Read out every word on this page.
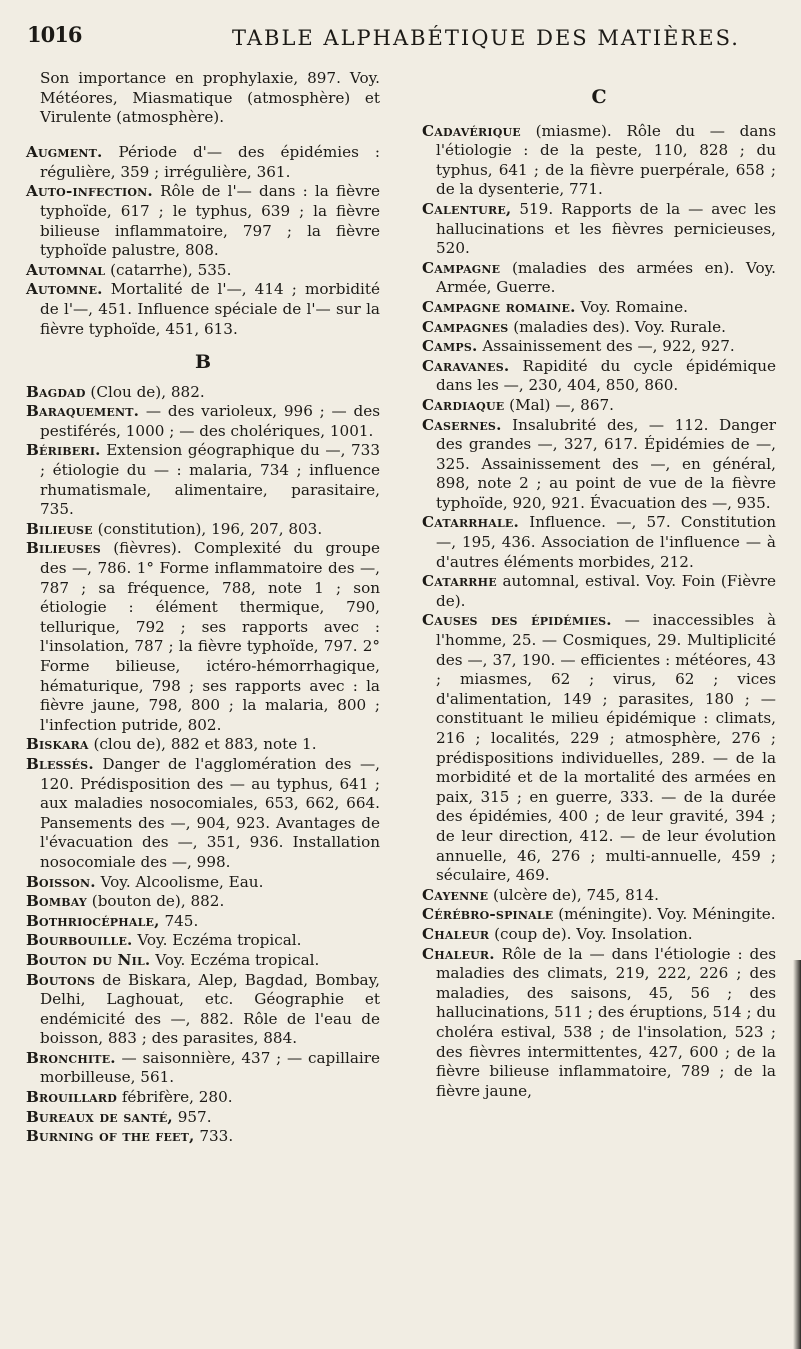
1016	TABLE ALPHABÉTIQUE DES MATIÈRES.

Son importance en prophylaxie, 897. Voy. Météores, Miasmatique (atmosphère) et Virulente (atmosphère).

Augment. Période d'— des épidémies : régulière, 359 ; irrégulière, 361.

Auto-infection. Rôle de l'— dans : la fièvre typhoïde, 617 ; le typhus, 639 ; la fièvre bilieuse inflammatoire, 797 ; la fièvre typhoïde palustre, 808.

Automnal (catarrhe), 535.

Automne. Mortalité de l'—, 414 ; morbidité de l'—, 451. Influence spéciale de l'— sur la fièvre typhoïde, 451, 613.

B

Bagdad (Clou de), 882.

Baraquement. — des varioleux, 996 ; — des pestiférés, 1000 ; — des cholériques, 1001.

Bériberi. Extension géographique du —, 733 ; étiologie du — : malaria, 734 ; influence rhumatismale, alimentaire, parasitaire, 735.

Bilieuse (constitution), 196, 207, 803.

Bilieuses (fièvres). Complexité du groupe des —, 786. 1° Forme inflammatoire des —, 787 ; sa fréquence, 788, note 1 ; son étiologie : élément thermique, 790, tellurique, 792 ; ses rapports avec : l'insolation, 787 ; la fièvre typhoïde, 797. 2° Forme bilieuse, ictéro-hémorrhagique, hématurique, 798 ; ses rapports avec : la fièvre jaune, 798, 800 ; la malaria, 800 ; l'infection putride, 802.

Biskara (clou de), 882 et 883, note 1.

Blessés. Danger de l'agglomération des —, 120. Prédisposition des — au typhus, 641 ; aux maladies nosocomiales, 653, 662, 664. Pansements des —, 904, 923. Avantages de l'évacuation des —, 351, 936. Installation nosocomiale des —, 998.

Boisson. Voy. Alcoolisme, Eau.

Bombay (bouton de), 882.

Bothriocéphale, 745.

Bourbouille. Voy. Eczéma tropical.

Bouton du Nil. Voy. Eczéma tropical.

Boutons de Biskara, Alep, Bagdad, Bombay, Delhi, Laghouat, etc. Géographie et endémicité des —, 882. Rôle de l'eau de boisson, 883 ; des parasites, 884.

Bronchite. — saisonnière, 437 ; — capillaire morbilleuse, 561.

Brouillard fébrifère, 280.

Bureaux de santé, 957.

Burning of the feet, 733.

C

Cadavérique (miasme). Rôle du — dans l'étiologie : de la peste, 110, 828 ; du typhus, 641 ; de la fièvre puerpérale, 658 ; de la dysenterie, 771.

Calenture, 519. Rapports de la — avec les hallucinations et les fièvres pernicieuses, 520.

Campagne (maladies des armées en). Voy. Armée, Guerre.

Campagne romaine. Voy. Romaine.

Campagnes (maladies des). Voy. Rurale.

Camps. Assainissement des —, 922, 927.

Caravanes. Rapidité du cycle épidémique dans les —, 230, 404, 850, 860.

Cardiaque (Mal) —, 867.

Casernes. Insalubrité des, — 112. Danger des grandes —, 327, 617. Épidémies de —, 325. Assainissement des —, en général, 898, note 2 ; au point de vue de la fièvre typhoïde, 920, 921. Évacuation des —, 935.

Catarrhale. Influence. —, 57. Constitution —, 195, 436. Association de l'influence — à d'autres éléments morbides, 212.

Catarrhe automnal, estival. Voy. Foin (Fièvre de).

Causes des épidémies. — inaccessibles à l'homme, 25. — Cosmiques, 29. Multiplicité des —, 37, 190. — efficientes : météores, 43 ; miasmes, 62 ; virus, 62 ; vices d'alimentation, 149 ; parasites, 180 ; — constituant le milieu épidémique : climats, 216 ; localités, 229 ; atmosphère, 276 ; prédispositions individuelles, 289. — de la morbidité et de la mortalité des armées en paix, 315 ; en guerre, 333. — de la durée des épidémies, 400 ; de leur gravité, 394 ; de leur direction, 412. — de leur évolution annuelle, 46, 276 ; multi-annuelle, 459 ; séculaire, 469.

Cayenne (ulcère de), 745, 814.

Cérébro-spinale (méningite). Voy. Méningite.

Chaleur (coup de). Voy. Insolation.

Chaleur. Rôle de la — dans l'étiologie : des maladies des climats, 219, 222, 226 ; des maladies, des saisons, 45, 56 ; des hallucinations, 511 ; des éruptions, 514 ; du choléra estival, 538 ; de l'insolation, 523 ; des fièvres intermittentes, 427, 600 ; de la fièvre bilieuse inflammatoire, 789 ; de la fièvre jaune,
